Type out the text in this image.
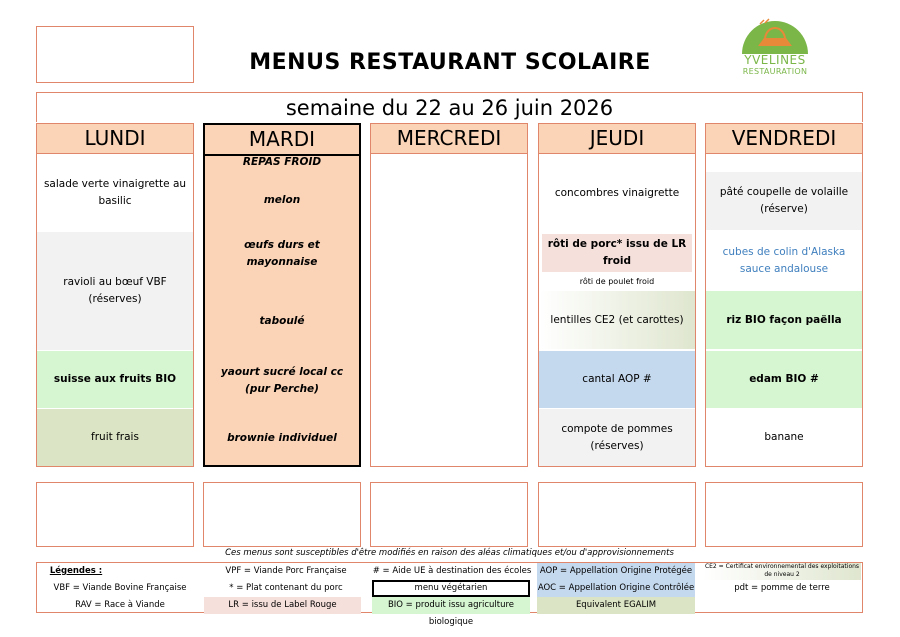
MENUS RESTAURANT SCOLAIRE	YVELINES
RESTAURATION
semaine du 22 au 26 juin 2026
LUNDI
salade verte vinaigrette au basilic
ravioli au bœuf VBF (réserves)
suisse aux fruits BIO
fruit frais
MARDI
REPAS FROID
melon
œufs durs et mayonnaise
taboulé
yaourt sucré local cc (pur Perche)
brownie individuel
MERCREDI	JEUDI
concombres vinaigrette
rôti de porc* issu de LR froid
rôti de poulet froid
lentilles CE2 (et carottes)
cantal AOP #
compote de pommes (réserves)
VENDREDI
pâté coupelle de volaille (réserve)
cubes de colin d'Alaska sauce andalouse
riz BIO façon paëlla
edam BIO #
banane
Ces menus sont susceptibles d'être modifiés en raison des aléas climatiques et/ou d'approvisionnements
Légendes :
VBF = Viande Bovine Française
RAV = Race à Viande
VPF = Viande Porc Française
* = Plat contenant du porc
LR = issu de Label Rouge
# = Aide UE à destination des écoles
menu végétarien
BIO = produit issu agriculture biologique
AOP = Appellation Origine Protégée
AOC = Appellation Origine Contrôlée
Equivalent EGALIM
CE2 = Certificat environnemental des exploitations de niveau 2
pdt = pomme de terre
